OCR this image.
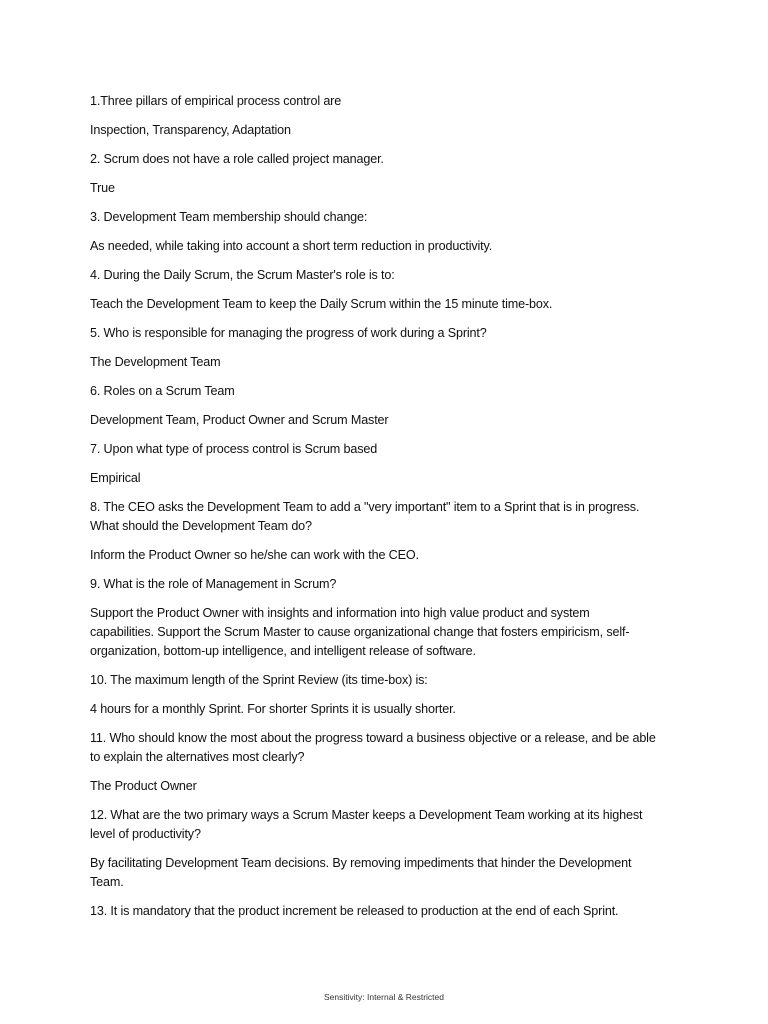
1.Three pillars of empirical process control are

Inspection, Transparency, Adaptation

2. Scrum does not have a role called project manager.

True

3. Development Team membership should change:

As needed, while taking into account a short term reduction in productivity.

4. During the Daily Scrum, the Scrum Master's role is to:

Teach the Development Team to keep the Daily Scrum within the 15 minute time-box.

5. Who is responsible for managing the progress of work during a Sprint?

The Development Team

6. Roles on a Scrum Team

Development Team, Product Owner and Scrum Master

7. Upon what type of process control is Scrum based

Empirical

8. The CEO asks the Development Team to add a "very important" item to a Sprint that is in progress.

What should the Development Team do?

Inform the Product Owner so he/she can work with the CEO.

9. What is the role of Management in Scrum?

Support the Product Owner with insights and information into high value product and system

capabilities. Support the Scrum Master to cause organizational change that fosters empiricism, self-

organization, bottom-up intelligence, and intelligent release of software.

10. The maximum length of the Sprint Review (its time-box) is:

4 hours for a monthly Sprint. For shorter Sprints it is usually shorter.

11. Who should know the most about the progress toward a business objective or a release, and be able

to explain the alternatives most clearly?

The Product Owner

12. What are the two primary ways a Scrum Master keeps a Development Team working at its highest

level of productivity?

By facilitating Development Team decisions. By removing impediments that hinder the Development

Team.

13. It is mandatory that the product increment be released to production at the end of each Sprint.

Sensitivity: Internal & Restricted
